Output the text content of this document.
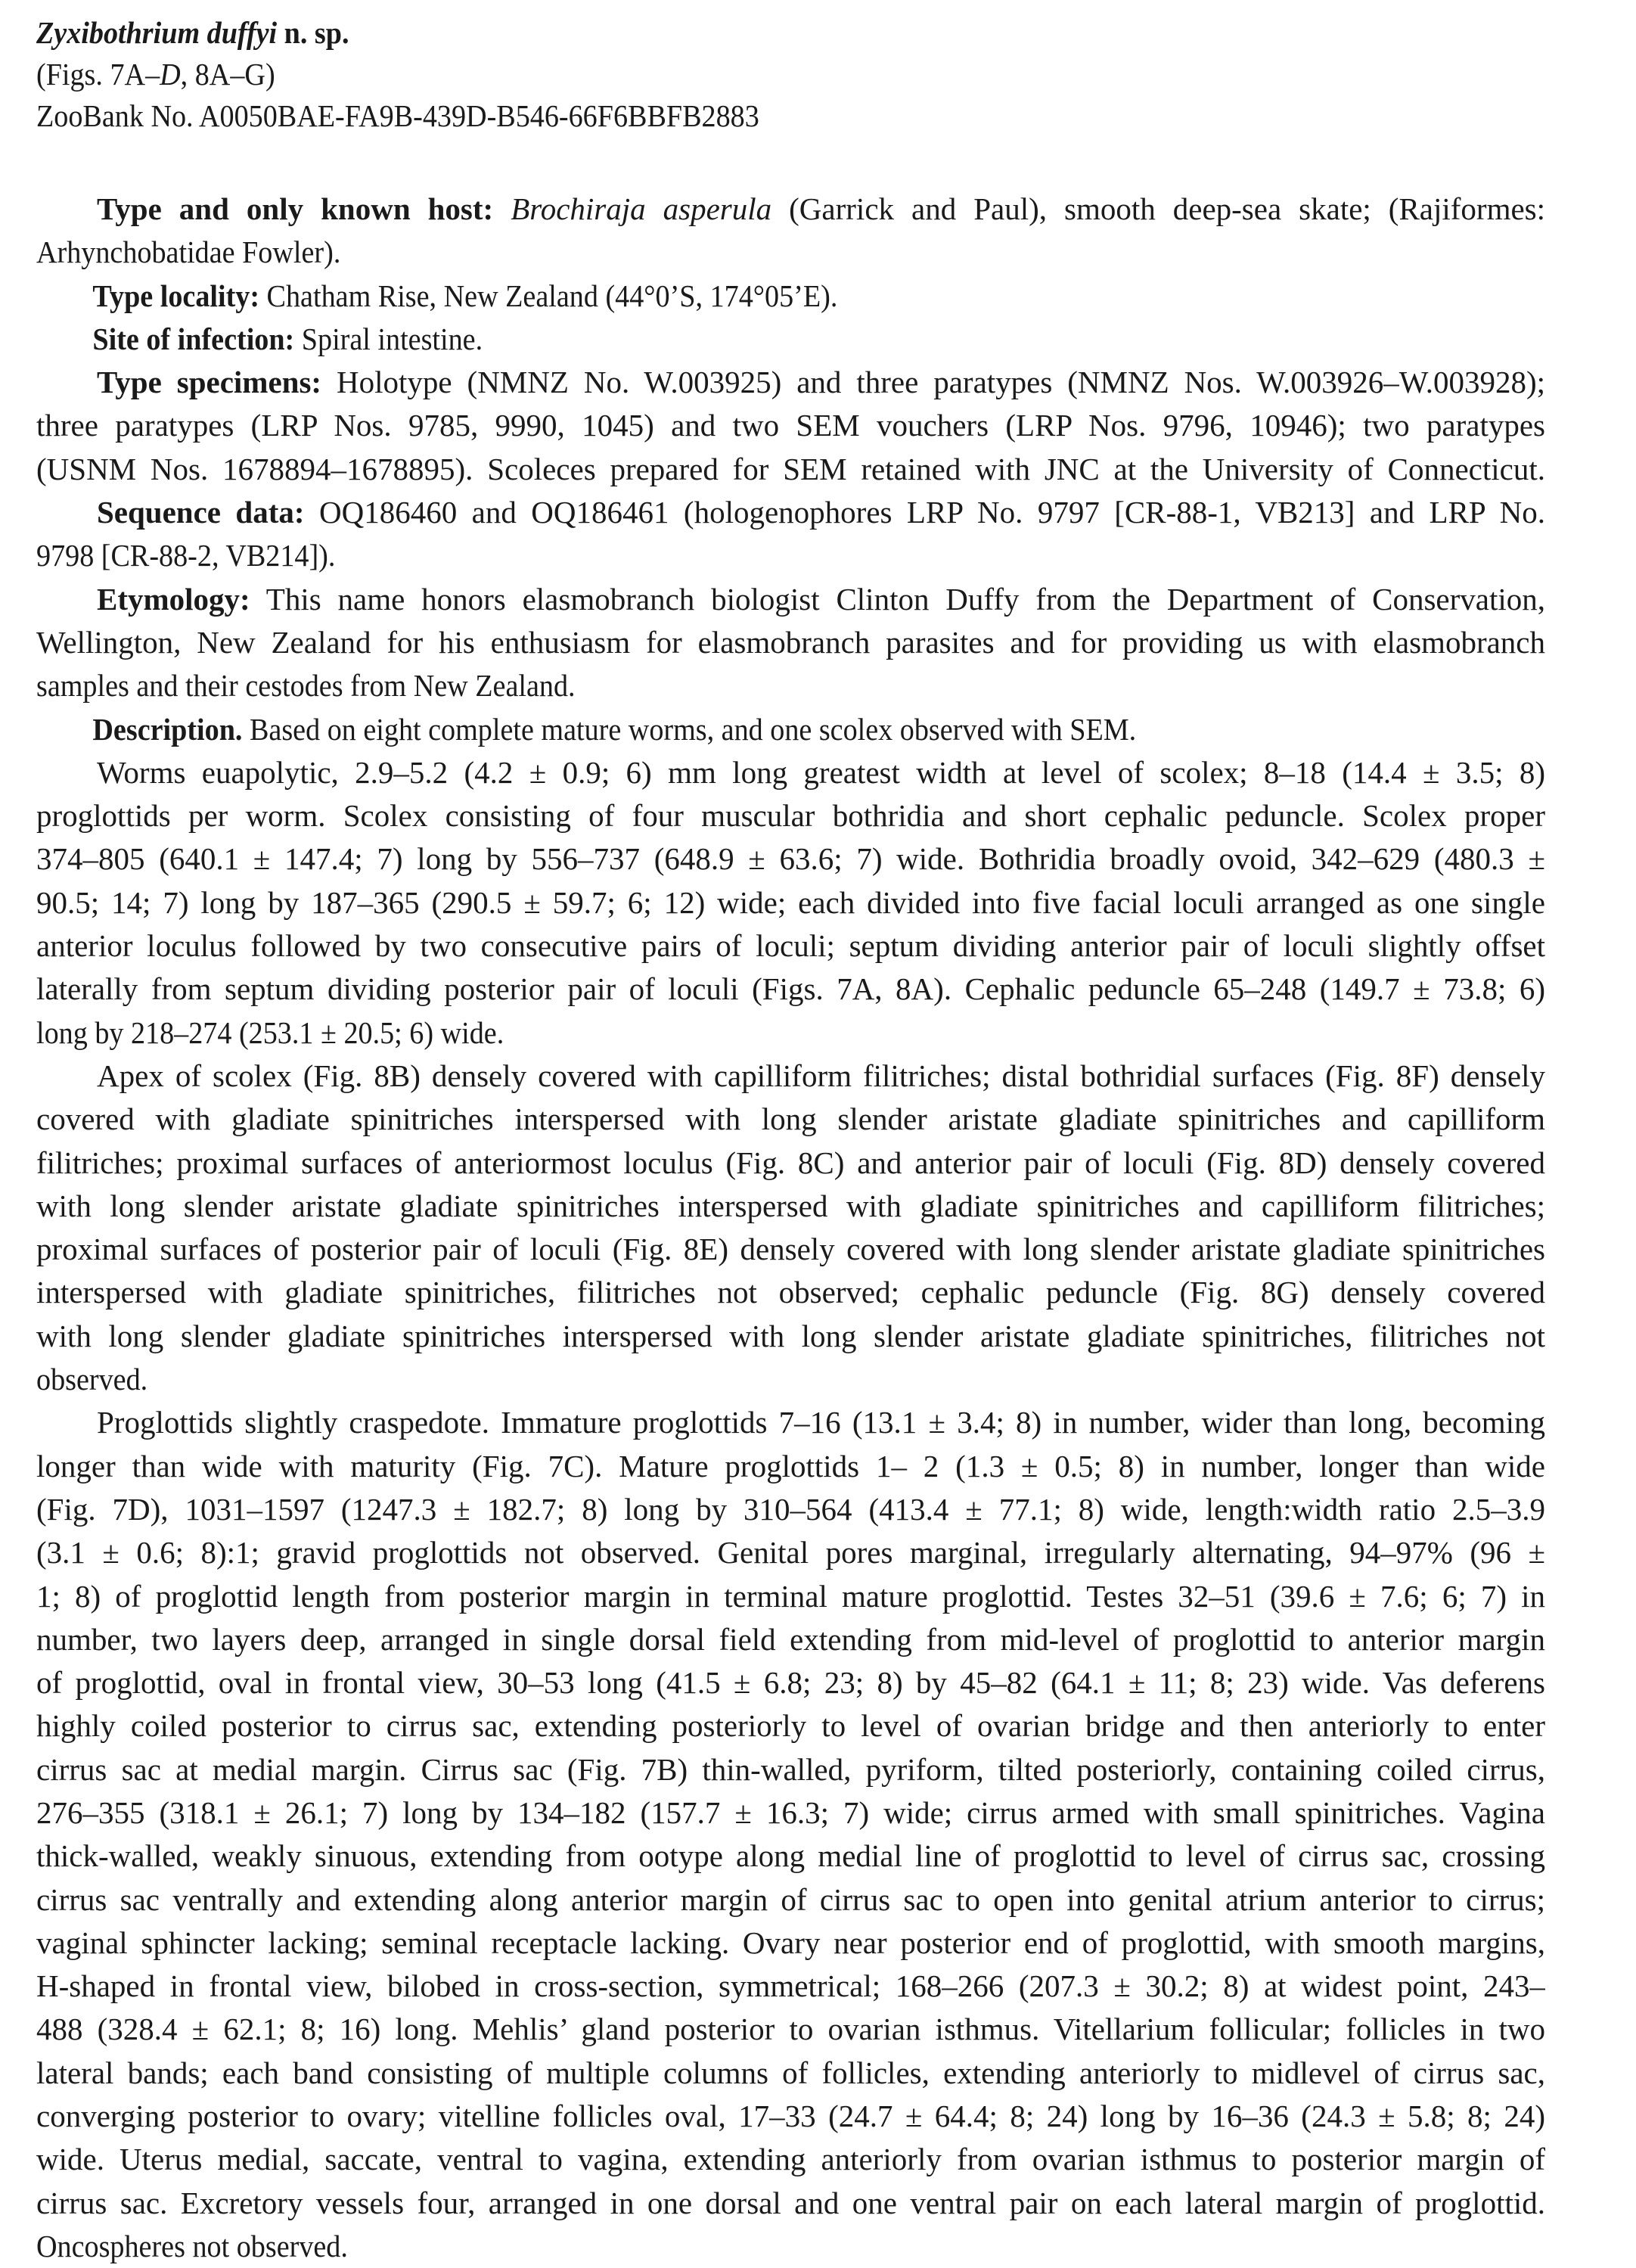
Zyxibothrium duffyi n. sp.
(Figs. 7A–D, 8A–G)
ZooBank No. A0050BAE-FA9B-439D-B546-66F6BBFB2883
Type and only known host: Brochiraja asperula (Garrick and Paul), smooth deep-sea skate; (Rajiformes:
Arhynchobatidae Fowler).
Type locality: Chatham Rise, New Zealand (44°0’S, 174°05’E).
Site of infection: Spiral intestine.
Type specimens: Holotype (NMNZ No. W.003925) and three paratypes (NMNZ Nos. W.003926–W.003928);
three paratypes (LRP Nos. 9785, 9990, 1045) and two SEM vouchers (LRP Nos. 9796, 10946); two paratypes
(USNM Nos. 1678894–1678895). Scoleces prepared for SEM retained with JNC at the University of Connecticut.
Sequence data: OQ186460 and OQ186461 (hologenophores LRP No. 9797 [CR-88-1, VB213] and LRP No.
9798 [CR-88-2, VB214]).
Etymology: This name honors elasmobranch biologist Clinton Duffy from the Department of Conservation,
Wellington, New Zealand for his enthusiasm for elasmobranch parasites and for providing us with elasmobranch
samples and their cestodes from New Zealand.
Description. Based on eight complete mature worms, and one scolex observed with SEM.
Worms euapolytic, 2.9–5.2 (4.2 ± 0.9; 6) mm long greatest width at level of scolex; 8–18 (14.4 ± 3.5; 8)
proglottids per worm. Scolex consisting of four muscular bothridia and short cephalic peduncle. Scolex proper
374–805 (640.1 ± 147.4; 7) long by 556–737 (648.9 ± 63.6; 7) wide. Bothridia broadly ovoid, 342–629 (480.3 ±
90.5; 14; 7) long by 187–365 (290.5 ± 59.7; 6; 12) wide; each divided into five facial loculi arranged as one single
anterior loculus followed by two consecutive pairs of loculi; septum dividing anterior pair of loculi slightly offset
laterally from septum dividing posterior pair of loculi (Figs. 7A, 8A). Cephalic peduncle 65–248 (149.7 ± 73.8; 6)
long by 218–274 (253.1 ± 20.5; 6) wide.
Apex of scolex (Fig. 8B) densely covered with capilliform filitriches; distal bothridial surfaces (Fig. 8F) densely
covered with gladiate spinitriches interspersed with long slender aristate gladiate spinitriches and capilliform
filitriches; proximal surfaces of anteriormost loculus (Fig. 8C) and anterior pair of loculi (Fig. 8D) densely covered
with long slender aristate gladiate spinitriches interspersed with gladiate spinitriches and capilliform filitriches;
proximal surfaces of posterior pair of loculi (Fig. 8E) densely covered with long slender aristate gladiate spinitriches
interspersed with gladiate spinitriches, filitriches not observed; cephalic peduncle (Fig. 8G) densely covered
with long slender gladiate spinitriches interspersed with long slender aristate gladiate spinitriches, filitriches not
observed.
Proglottids slightly craspedote. Immature proglottids 7–16 (13.1 ± 3.4; 8) in number, wider than long, becoming
longer than wide with maturity (Fig. 7C). Mature proglottids 1– 2 (1.3 ± 0.5; 8) in number, longer than wide
(Fig. 7D), 1031–1597 (1247.3 ± 182.7; 8) long by 310–564 (413.4 ± 77.1; 8) wide, length:width ratio 2.5–3.9
(3.1 ± 0.6; 8):1; gravid proglottids not observed. Genital pores marginal, irregularly alternating, 94–97% (96 ±
1; 8) of proglottid length from posterior margin in terminal mature proglottid. Testes 32–51 (39.6 ± 7.6; 6; 7) in
number, two layers deep, arranged in single dorsal field extending from mid-level of proglottid to anterior margin
of proglottid, oval in frontal view, 30–53 long (41.5 ± 6.8; 23; 8) by 45–82 (64.1 ± 11; 8; 23) wide. Vas deferens
highly coiled posterior to cirrus sac, extending posteriorly to level of ovarian bridge and then anteriorly to enter
cirrus sac at medial margin. Cirrus sac (Fig. 7B) thin-walled, pyriform, tilted posteriorly, containing coiled cirrus,
276–355 (318.1 ± 26.1; 7) long by 134–182 (157.7 ± 16.3; 7) wide; cirrus armed with small spinitriches. Vagina
thick-walled, weakly sinuous, extending from ootype along medial line of proglottid to level of cirrus sac, crossing
cirrus sac ventrally and extending along anterior margin of cirrus sac to open into genital atrium anterior to cirrus;
vaginal sphincter lacking; seminal receptacle lacking. Ovary near posterior end of proglottid, with smooth margins,
H-shaped in frontal view, bilobed in cross-section, symmetrical; 168–266 (207.3 ± 30.2; 8) at widest point, 243–
488 (328.4 ± 62.1; 8; 16) long. Mehlis’ gland posterior to ovarian isthmus. Vitellarium follicular; follicles in two
lateral bands; each band consisting of multiple columns of follicles, extending anteriorly to midlevel of cirrus sac,
converging posterior to ovary; vitelline follicles oval, 17–33 (24.7 ± 64.4; 8; 24) long by 16–36 (24.3 ± 5.8; 8; 24)
wide. Uterus medial, saccate, ventral to vagina, extending anteriorly from ovarian isthmus to posterior margin of
cirrus sac. Excretory vessels four, arranged in one dorsal and one ventral pair on each lateral margin of proglottid.
Oncospheres not observed.
